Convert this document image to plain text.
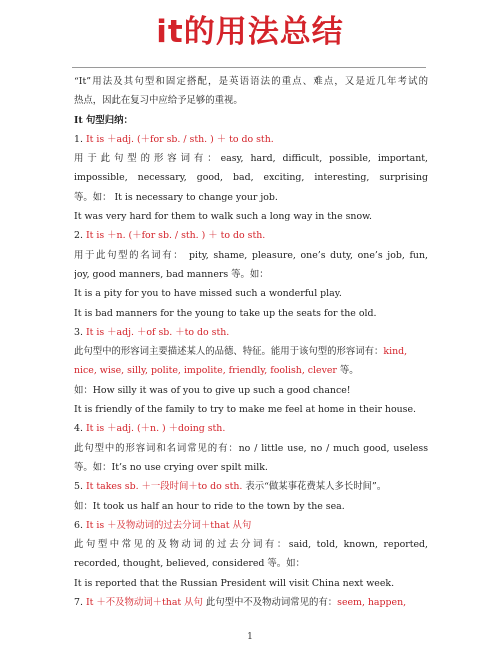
it的用法总结
“It”用法及其句型和固定搭配，是英语语法的重点、难点，又是近几年考试的
热点，因此在复习中应给予足够的重视。
It 句型归纳：
1. It is ＋adj. (＋for sb. / sth. ) ＋ to do sth.
用于此句型的形容词有：easy, hard, difficult, possible, important,
impossible, necessary, good, bad, exciting, interesting, surprising
等。如： It is necessary to change your job.
It was very hard for them to walk such a long way in the snow.
2. It is ＋n. (＋for sb. / sth. ) ＋ to do sth.
用于此句型的名词有： pity, shame, pleasure, one’s duty, one’s job, fun,
joy, good manners, bad manners 等。如：
It is a pity for you to have missed such a wonderful play.
It is bad manners for the young to take up the seats for the old.
3. It is ＋adj. ＋of sb. ＋to do sth.
此句型中的形容词主要描述某人的品德、特征。能用于该句型的形容词有：kind,
nice, wise, silly, polite, impolite, friendly, foolish, clever 等。
如：How silly it was of you to give up such a good chance!
It is friendly of the family to try to make me feel at home in their house.
4. It is ＋adj. (＋n. ) ＋doing sth.
此句型中的形容词和名词常见的有：no / little use, no / much good, useless
等。如：It’s no use crying over spilt milk.
5. It takes sb. ＋一段时间＋to do sth. 表示“做某事花费某人多长时间”。
如：It took us half an hour to ride to the town by the sea.
6. It is ＋及物动词的过去分词＋that 从句
此句型中常见的及物动词的过去分词有：said, told, known, reported,
recorded, thought, believed, considered 等。如：
It is reported that the Russian President will visit China next week.
7. It ＋不及物动词＋that 从句 此句型中不及物动词常见的有：seem, happen,
1
